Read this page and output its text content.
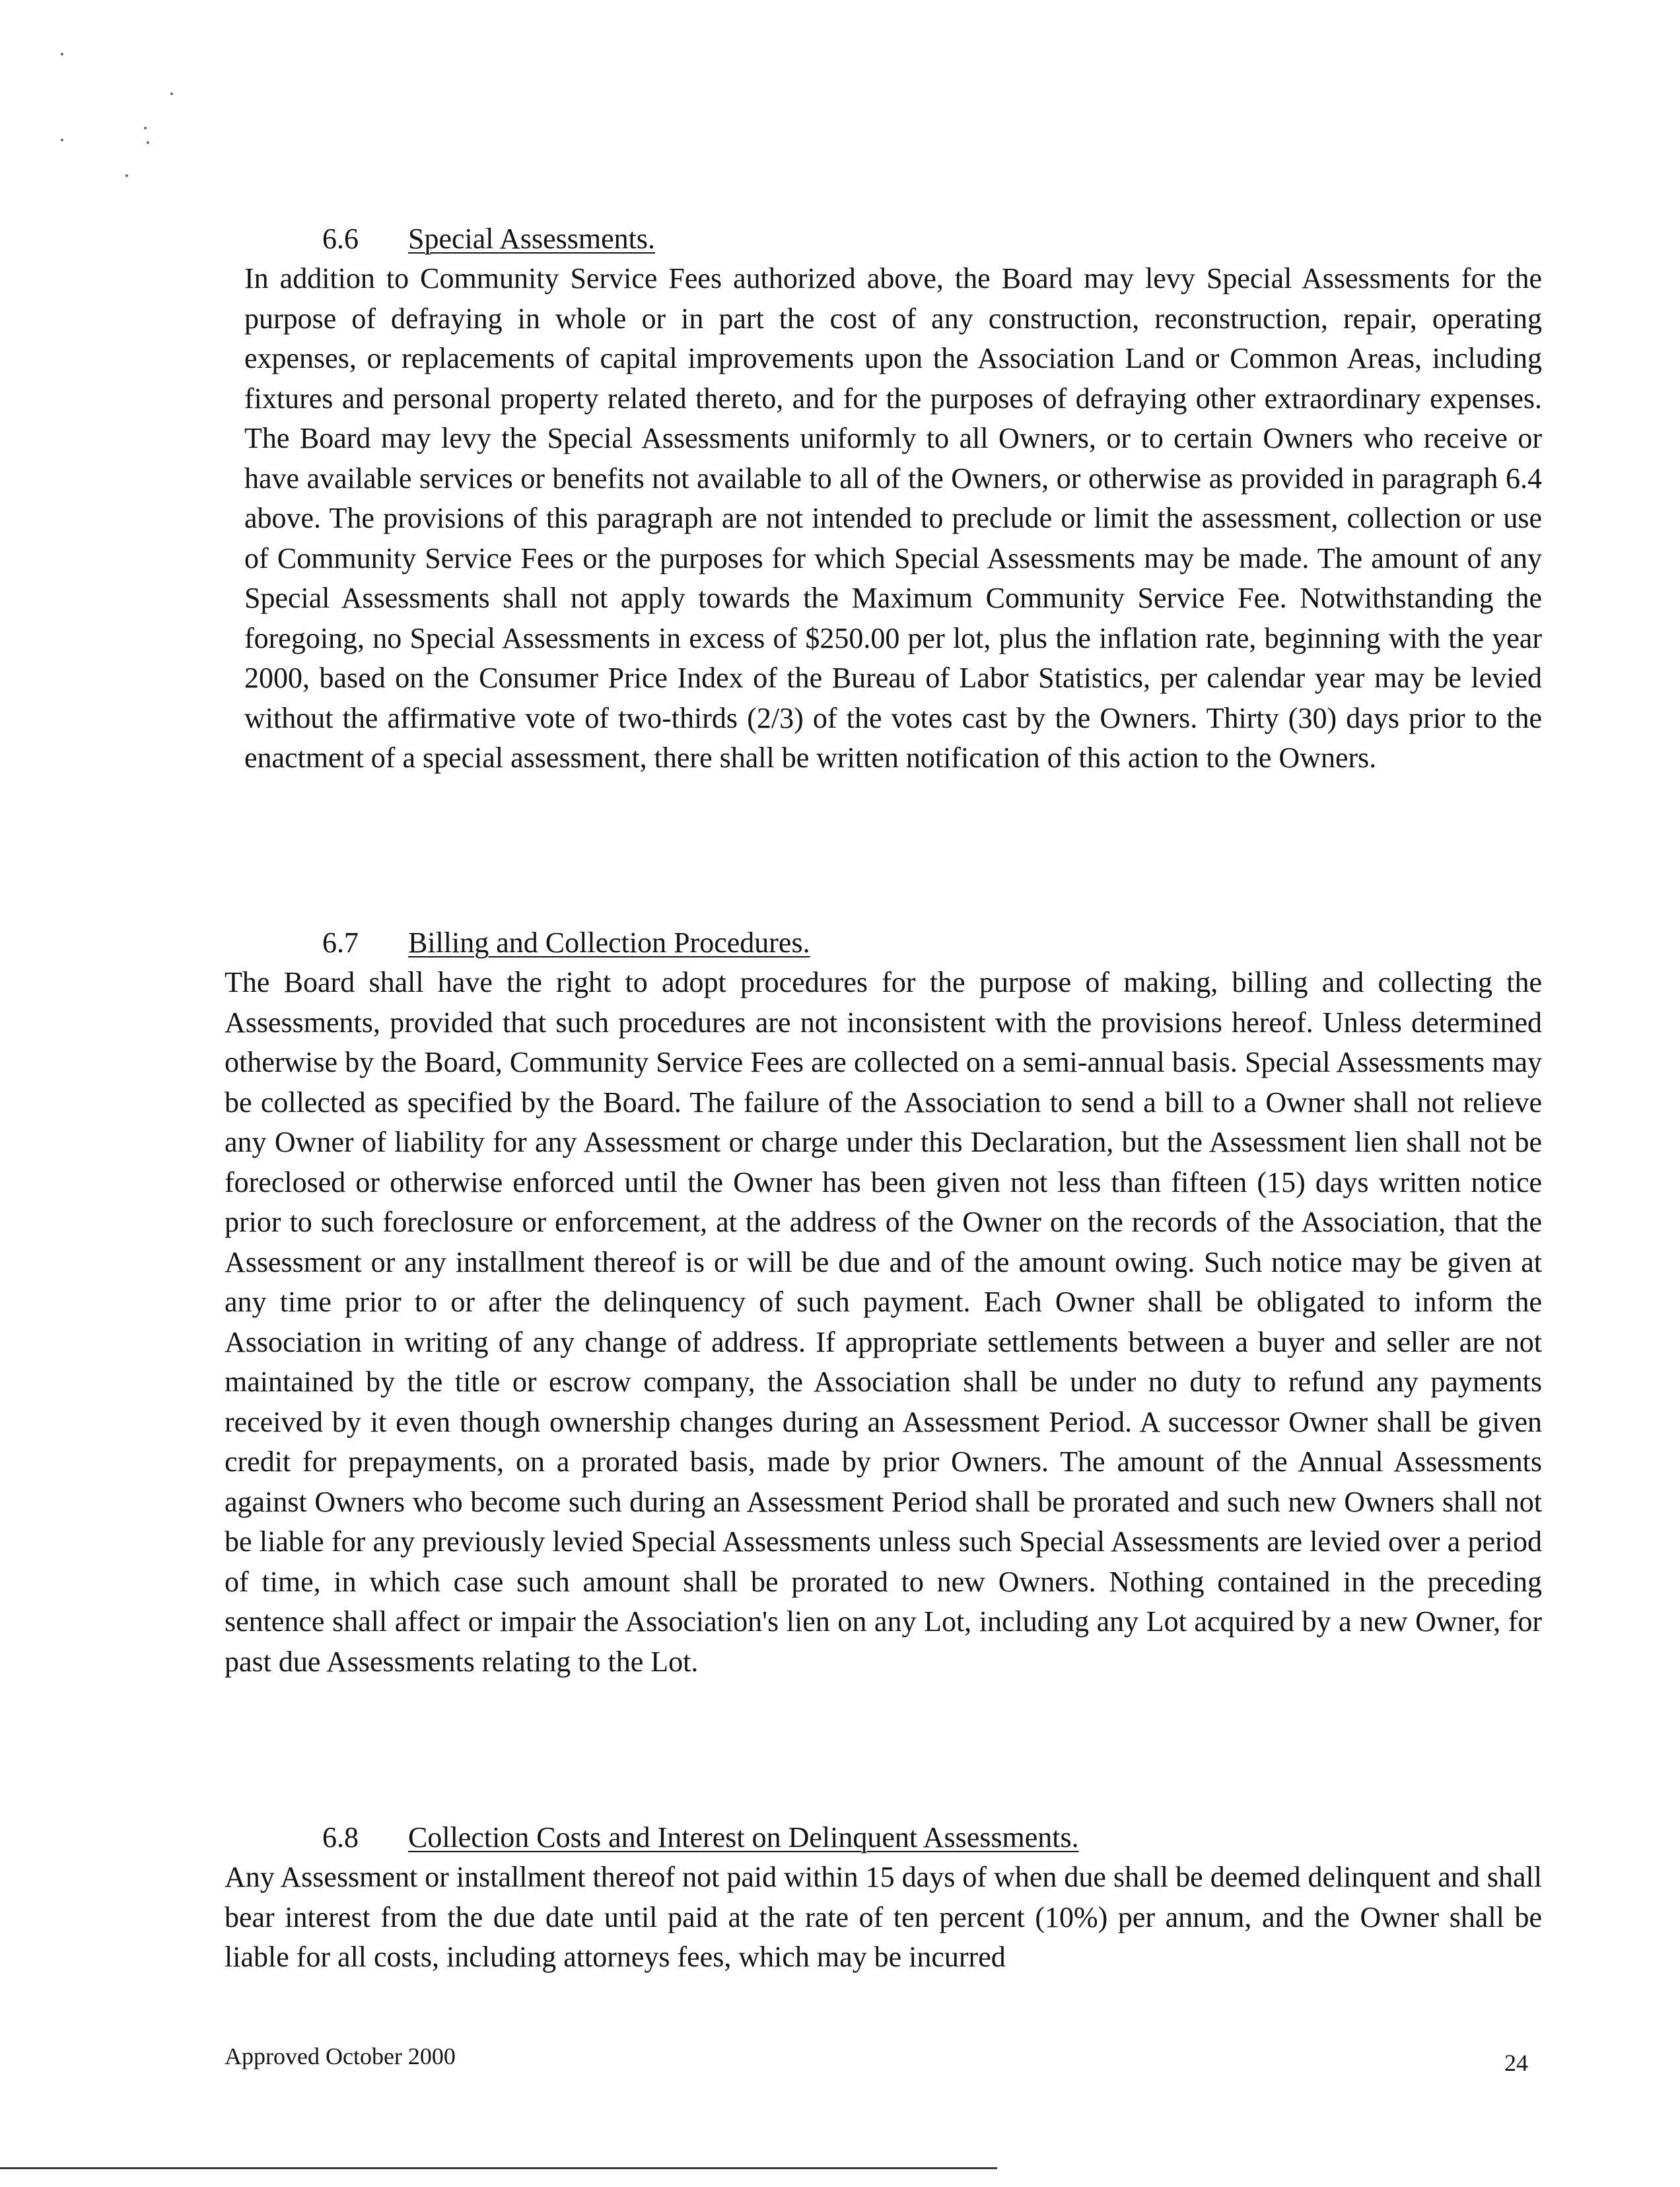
6.6 Special Assessments.

In addition to Community Service Fees authorized above, the Board may levy Special Assessments for the purpose of defraying in whole or in part the cost of any construction, reconstruction, repair, operating expenses, or replacements of capital improvements upon the Association Land or Common Areas, including fixtures and personal property related thereto, and for the purposes of defraying other extraordinary expenses. The Board may levy the Special Assessments uniformly to all Owners, or to certain Owners who receive or have available services or benefits not available to all of the Owners, or otherwise as provided in paragraph 6.4 above. The provisions of this paragraph are not intended to preclude or limit the assessment, collection or use of Community Service Fees or the purposes for which Special Assessments may be made. The amount of any Special Assessments shall not apply towards the Maximum Community Service Fee. Notwithstanding the foregoing, no Special Assessments in excess of $250.00 per lot, plus the inflation rate, beginning with the year 2000, based on the Consumer Price Index of the Bureau of Labor Statistics, per calendar year may be levied without the affirmative vote of two-thirds (2/3) of the votes cast by the Owners. Thirty (30) days prior to the enactment of a special assessment, there shall be written notification of this action to the Owners.

6.7 Billing and Collection Procedures.

The Board shall have the right to adopt procedures for the purpose of making, billing and collecting the Assessments, provided that such procedures are not inconsistent with the provisions hereof. Unless determined otherwise by the Board, Community Service Fees are collected on a semi-annual basis. Special Assessments may be collected as specified by the Board. The failure of the Association to send a bill to a Owner shall not relieve any Owner of liability for any Assessment or charge under this Declaration, but the Assessment lien shall not be foreclosed or otherwise enforced until the Owner has been given not less than fifteen (15) days written notice prior to such foreclosure or enforcement, at the address of the Owner on the records of the Association, that the Assessment or any installment thereof is or will be due and of the amount owing. Such notice may be given at any time prior to or after the delinquency of such payment. Each Owner shall be obligated to inform the Association in writing of any change of address. If appropriate settlements between a buyer and seller are not maintained by the title or escrow company, the Association shall be under no duty to refund any payments received by it even though ownership changes during an Assessment Period. A successor Owner shall be given credit for prepayments, on a prorated basis, made by prior Owners. The amount of the Annual Assessments against Owners who become such during an Assessment Period shall be prorated and such new Owners shall not be liable for any previously levied Special Assessments unless such Special Assessments are levied over a period of time, in which case such amount shall be prorated to new Owners. Nothing contained in the preceding sentence shall affect or impair the Association's lien on any Lot, including any Lot acquired by a new Owner, for past due Assessments relating to the Lot.

6.8 Collection Costs and Interest on Delinquent Assessments.

Any Assessment or installment thereof not paid within 15 days of when due shall be deemed delinquent and shall bear interest from the due date until paid at the rate of ten percent (10%) per annum, and the Owner shall be liable for all costs, including attorneys fees, which may be incurred

Approved October 2000	24
